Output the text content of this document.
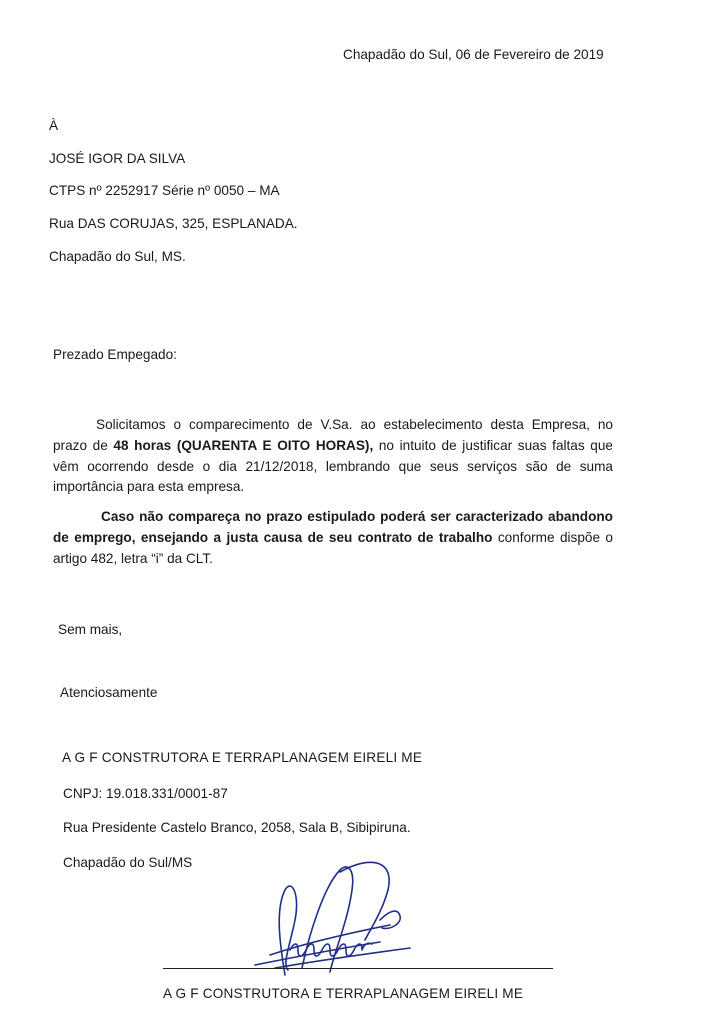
Chapadão do Sul, 06 de Fevereiro de 2019
À
JOSÉ IGOR DA SILVA
CTPS nº 2252917 Série nº 0050 – MA
Rua DAS CORUJAS, 325, ESPLANADA.
Chapadão do Sul, MS.
Prezado Empegado:
Solicitamos o comparecimento de V.Sa. ao estabelecimento desta Empresa, no prazo de 48 horas (QUARENTA E OITO HORAS), no intuito de justificar suas faltas que vêm ocorrendo desde o dia 21/12/2018, lembrando que seus serviços são de suma importância para esta empresa.
Caso não compareça no prazo estipulado poderá ser caracterizado abandono de emprego, ensejando a justa causa de seu contrato de trabalho conforme dispõe o artigo 482, letra “i” da CLT.
Sem mais,
Atenciosamente
A G F CONSTRUTORA E TERRAPLANAGEM EIRELI ME
CNPJ: 19.018.331/0001-87
Rua Presidente Castelo Branco, 2058, Sala B, Sibipiruna.
Chapadão do Sul/MS
A G F CONSTRUTORA E TERRAPLANAGEM EIRELI ME
